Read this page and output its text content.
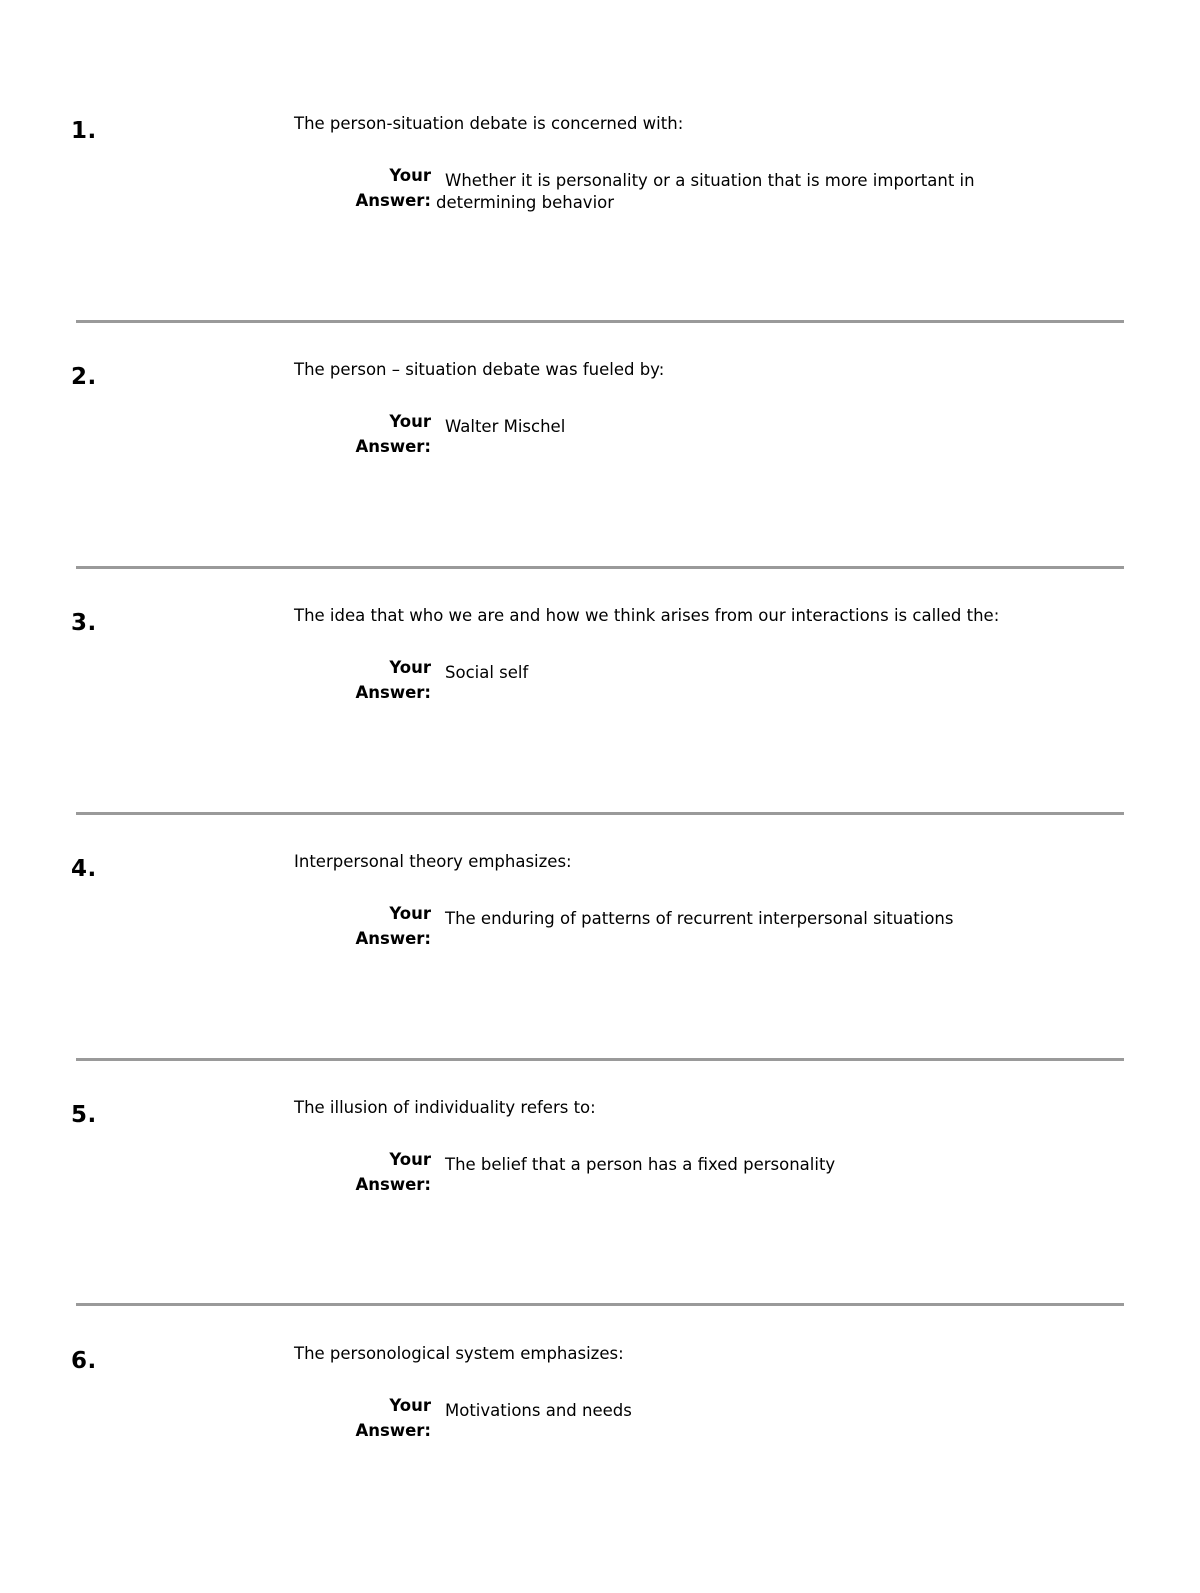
1.	The person-situation debate is concerned with:
Your
Answer:
Whether it is personality or a situation that is more important in determining behavior
2.	The person – situation debate was fueled by:
Your
Answer:
Walter Mischel
3.	The idea that who we are and how we think arises from our interactions is called the:
Your
Answer:
Social self
4.	Interpersonal theory emphasizes:
Your
Answer:
The enduring of patterns of recurrent interpersonal situations
5.	The illusion of individuality refers to:
Your
Answer:
The belief that a person has a fixed personality
6.	The personological system emphasizes:
Your
Answer:
Motivations and needs
